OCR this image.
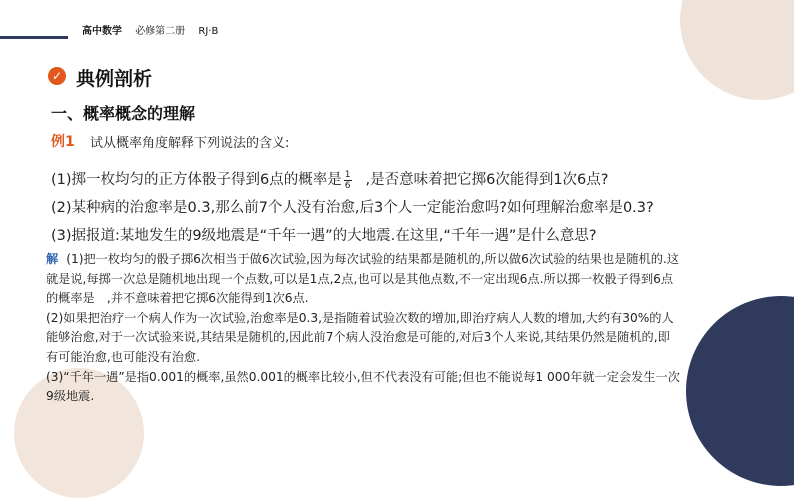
高中数学 必修第二册 RJ·B
✓ 典例剖析
一、概率概念的理解
例1 试从概率角度解释下列说法的含义:
(1)掷一枚均匀的正方体骰子得到6点的概率是 $\frac{1}{6}$ ,是否意味着把它掷6次能得到1次6点?
(2)某种病的治愈率是0.3,那么前7个人没有治愈,后3个人一定能治愈吗?如何理解治愈率是0.3?
(3)据报道:某地发生的9级地震是“千年一遇”的大地震.在这里,“千年一遇”是什么意思?

解 (1)把一枚均匀的骰子掷6次相当于做6次试验,因为每次试验的结果都是随机的,所以做6次试验的结果也是随机的.这就是说,每掷一次总是随机地出现一个点数,可以是1点,2点,也可以是其他点数,不一定出现6点.所以掷一枚骰子得到6点的概率是　,并不意味着把它掷6次能得到1次6点.

(2)如果把治疗一个病人作为一次试验,治愈率是0.3,是指随着试验次数的增加,即治疗病人人数的增加,大约有30%的人能够治愈,对于一次试验来说,其结果是随机的,因此前7个病人没治愈是可能的,对后3个人来说,其结果仍然是随机的,即有可能治愈,也可能没有治愈.

(3)“千年一遇”是指0.001的概率,虽然0.001的概率比较小,但不代表没有可能;但也不能说每1 000年就一定会发生一次9级地震.
